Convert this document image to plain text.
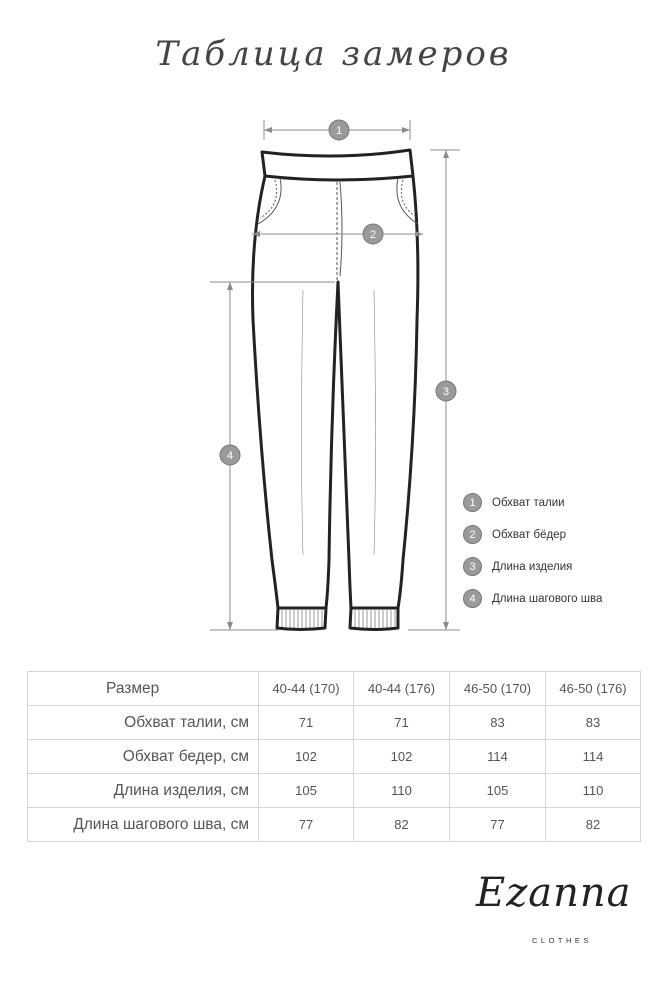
Таблица замеров
1
2
3
4
1	Обхват талии
2	Обхват бёдер
3	Длина изделия
4	Длина шагового шва
Размер	40-44 (170)	40-44 (176)	46-50 (170)	46-50 (176)
Обхват талии, см	71	71	83	83
Обхват бедер, см	102	102	114	114
Длина изделия, см	105	110	105	110
Длина шагового шва, см	77	82	77	82
Ezanna
CLOTHES
